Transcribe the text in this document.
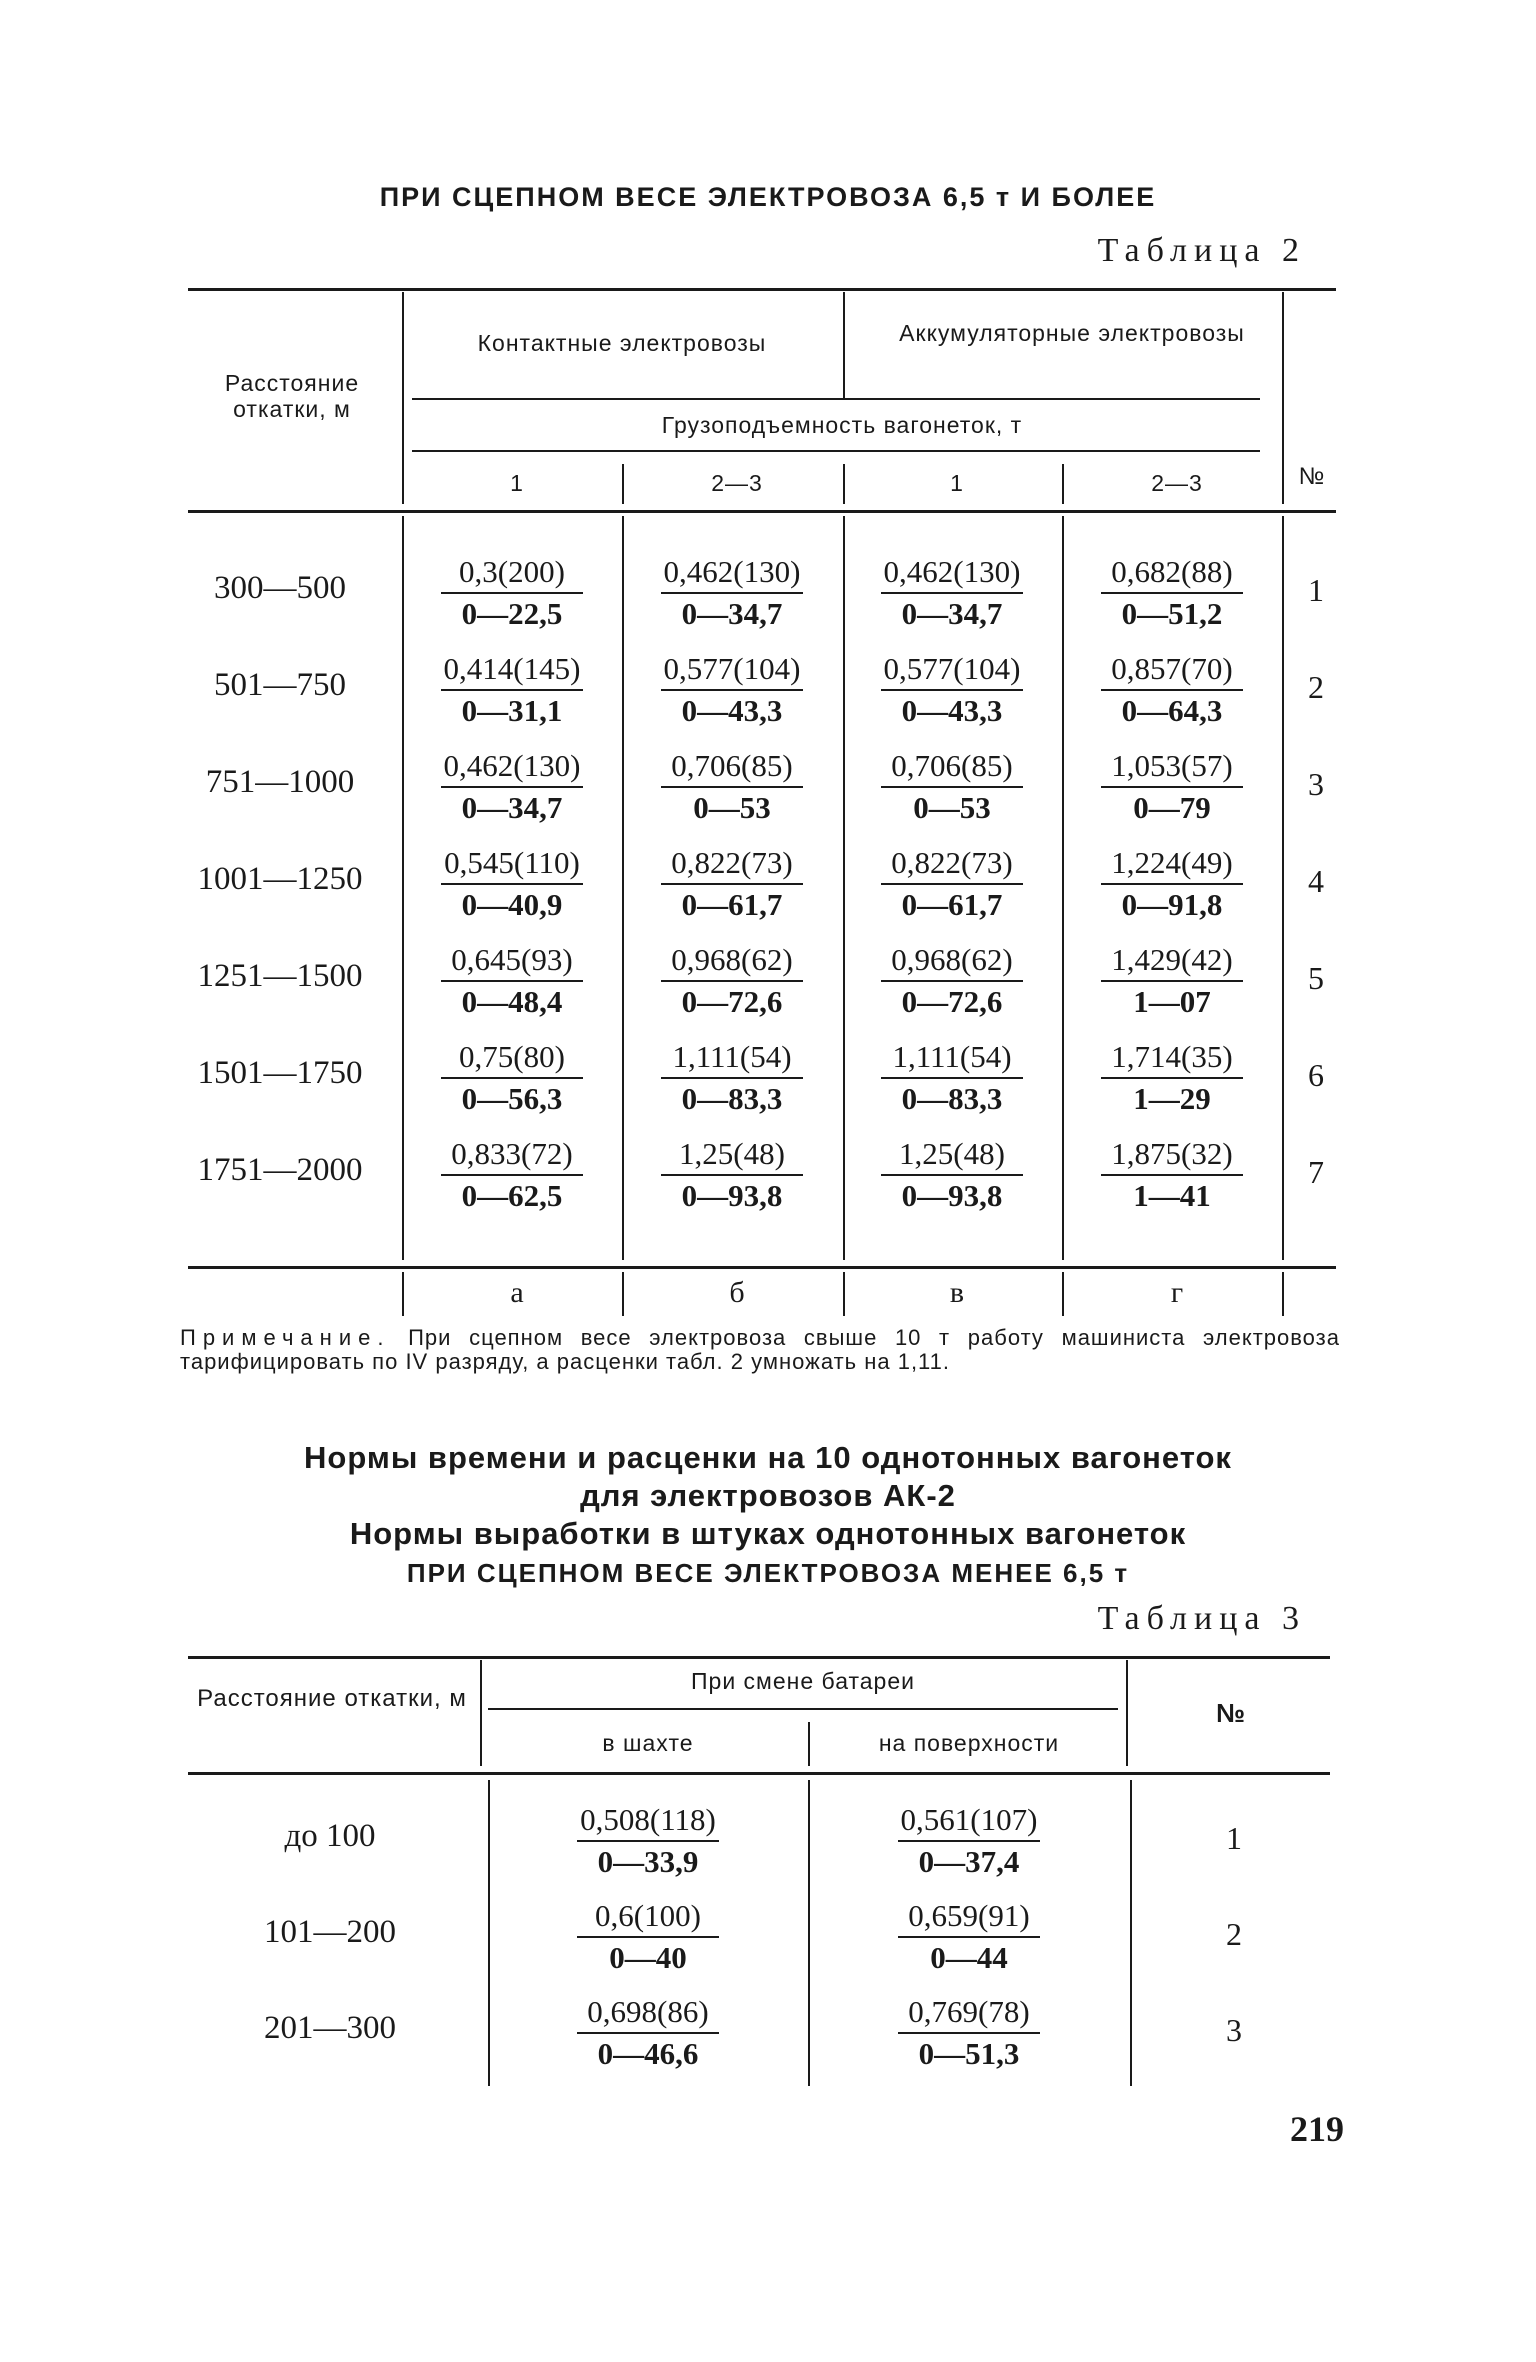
ПРИ СЦЕПНОМ ВЕСЕ ЭЛЕКТРОВОЗА 6,5 т И БОЛЕЕ
Таблица 2
Расстояние откатки, м
Контактные электровозы	Аккумуляторные электровозы
Грузоподъемность вагонеток, т
1	2—3	1	2—3	№
300—500	$\frac{0,3(200)}{0—22,5} \frac{0,462(130)}{0—34,7} \frac{0,462(130)}{0—34,7} \frac{0,682(88)}{0—51,2}$	1
501—750	$\frac{0,414(145)}{0—31,1} \frac{0,577(104)}{0—43,3} \frac{0,577(104)}{0—43,3} \frac{0,857(70)}{0—64,3}$	2
751—1000	$\frac{0,462(130)}{0—34,7} \frac{0,706(85)}{0—53} \frac{0,706(85)}{0—53} \frac{1,053(57)}{0—79}$	3
1001—1250	$\frac{0,545(110)}{0—40,9} \frac{0,822(73)}{0—61,7} \frac{0,822(73)}{0—61,7} \frac{1,224(49)}{0—91,8}$	4
1251—1500	$\frac{0,645(93)}{0—48,4} \frac{0,968(62)}{0—72,6} \frac{0,968(62)}{0—72,6} \frac{1,429(42)}{1—07}$	5
1501—1750	$\frac{0,75(80)}{0—56,3} \frac{1,111(54)}{0—83,3} \frac{1,111(54)}{0—83,3} \frac{1,714(35)}{1—29}$	6
1751—2000	$\frac{0,833(72)}{0—62,5} \frac{1,25(48)}{0—93,8} \frac{1,25(48)}{0—93,8} \frac{1,875(32)}{1—41}$	7
а	б	в	г
Примечание. При сцепном весе электровоза свыше 10 т работу машиниста электровоза тарифицировать по IV разряду, а расценки табл. 2 умножать на 1,11.
Нормы времени и расценки на 10 однотонных вагонеток
для электровозов АК-2
Нормы выработки в штуках однотонных вагонеток
ПРИ СЦЕПНОМ ВЕСЕ ЭЛЕКТРОВОЗА МЕНЕЕ 6,5 т
Таблица 3
Расстояние откатки, м
При смене батареи
в шахте	на поверхности
№
до 100	$\frac{0,508(118)}{0—33,9}$	$\frac{0,561(107)}{0—37,4}$	1
101—200	$\frac{0,6(100)}{0—40}$	$\frac{0,659(91)}{0—44}$	2
201—300	$\frac{0,698(86)}{0—46,6}$	$\frac{0,769(78)}{0—51,3}$	3
219
